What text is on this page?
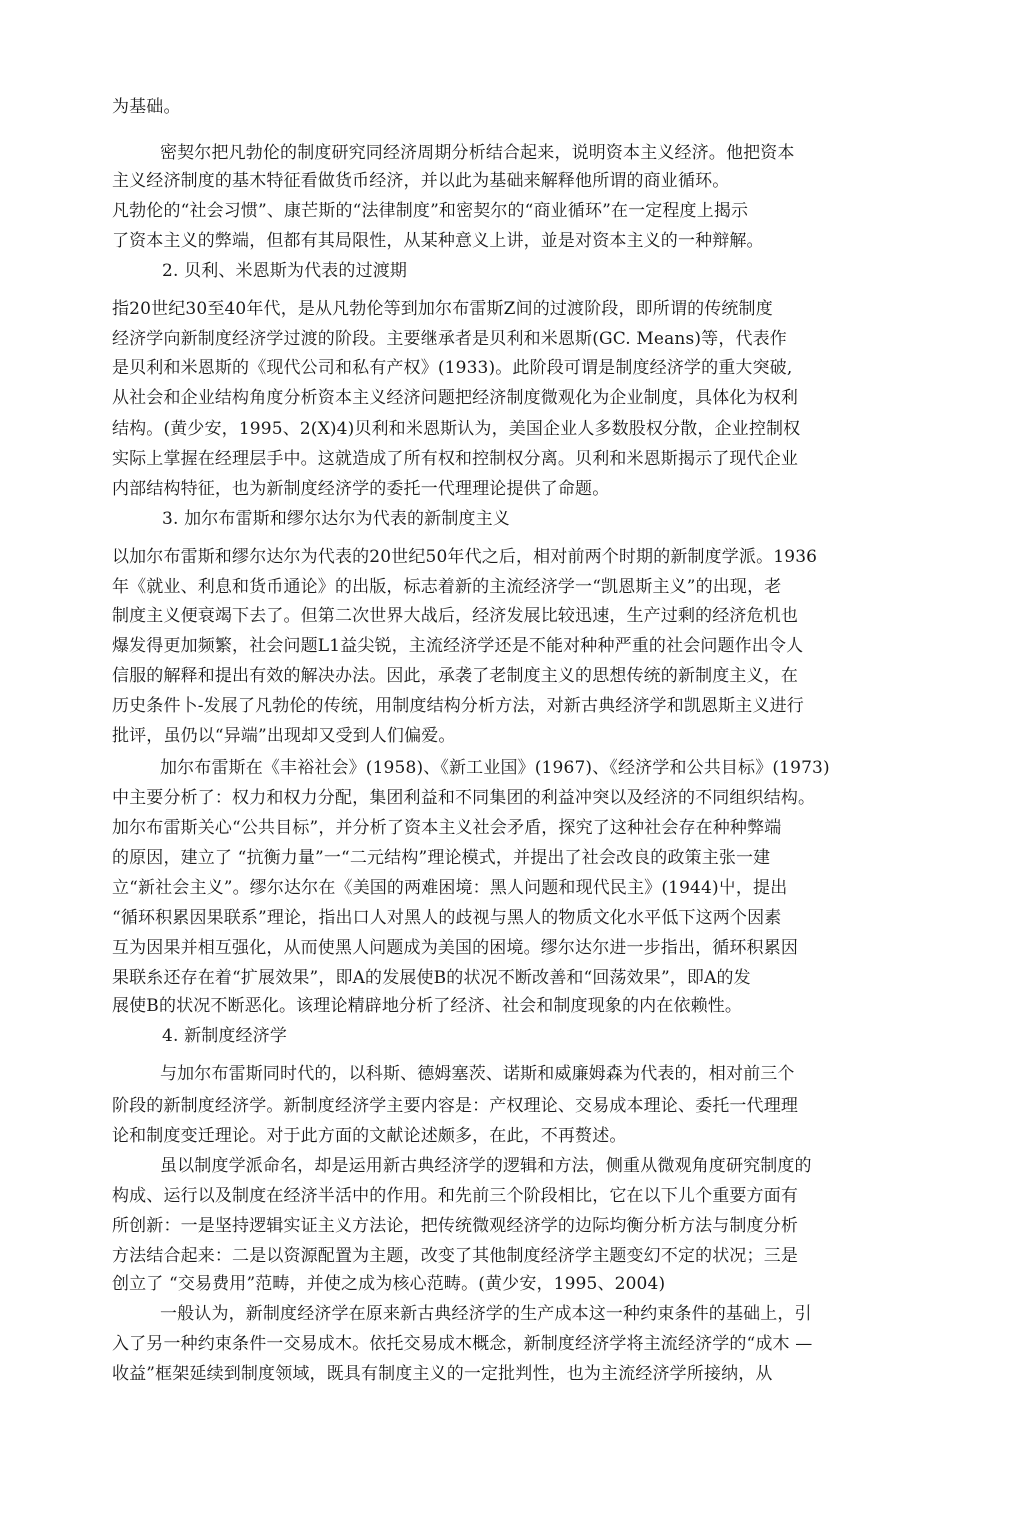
为基础。
密契尔把凡勃伦的制度研究同经济周期分析结合起来，说明资本主义经济。他把资本
主义经济制度的基木特征看做货币经济，并以此为基础来解释他所谓的商业循环。
凡勃伦的“社会习惯”、康芒斯的“法律制度”和密契尔的“商业循环”在一定程度上揭示
了资本主义的弊端，但都有其局限性，从某种意义上讲，並是对资本主义的一种辩解。
2. 贝利、米恩斯为代表的过渡期
指20世纪30至40年代，是从凡勃伦等到加尔布雷斯Z间的过渡阶段，即所谓的传统制度
经济学向新制度经济学过渡的阶段。主要继承者是贝利和米恩斯(GC. Means)等，代表作
是贝利和米恩斯的《现代公司和私有产权》(1933)。此阶段可谓是制度经济学的重大突破,
从社会和企业结构角度分析资本主义经济问题把经济制度微观化为企业制度，具体化为权利
结构。(黄少安，1995、2(X)4)贝利和米恩斯认为，美国企业人多数股权分散，企业控制权
实际上掌握在经理层手中。这就造成了所有权和控制权分离。贝利和米恩斯揭示了现代企业
内部结构特征，也为新制度经济学的委托一代理理论提供了命题。
3. 加尔布雷斯和缪尔达尔为代表的新制度主义
以加尔布雷斯和缪尔达尔为代表的20世纪50年代之后，相对前两个时期的新制度学派。1936
年《就业、利息和货币通论》的出版，标志着新的主流经济学一“凯恩斯主义”的出现，老
制度主义便衰竭下去了。但第二次世界大战后，经济发展比较迅速，生产过剩的经济危机也
爆发得更加频繁，社会问题L1益尖锐，主流经济学还是不能对种种严重的社会问题作出令人
信服的解释和提出有效的解决办法。因此，承袭了老制度主义的思想传统的新制度主义，在
历史条件卜-发展了凡勃伦的传统，用制度结构分析方法，对新古典经济学和凯恩斯主义进行
批评，虽仍以“异端”出现却又受到人们偏爱。
加尔布雷斯在《丰裕社会》(1958)、《新工业国》(1967)、《经济学和公共目标》(1973)
中主要分析了：权力和权力分配，集团利益和不同集团的利益冲突以及经济的不同组织结构。
加尔布雷斯关心“公共目标”，并分析了资本主义社会矛盾，探究了这种社会存在种种弊端
的原因，建立了 “抗衡力量”一“二元结构”理论模式，并提出了社会改良的政策主张一建
立“新社会主义”。缪尔达尔在《美国的两难困境：黑人问题和现代民主》(1944)屮，提出
“循环积累因果联系”理论，指出口人对黑人的歧视与黑人的物质文化水平低下这两个因素
互为因果并相互强化，从而使黑人问题成为美国的困境。缪尔达尔进一步指出，循环积累因
果联糸还存在着“扩展效果”，即A的发展使B的状况不断改善和“回荡效果”，即A的发
展使B的状况不断恶化。该理论精辟地分析了经济、社会和制度现象的内在依赖性。
4. 新制度经济学
与加尔布雷斯同时代的，以科斯、德姆塞茨、诺斯和威廉姆森为代表的，相对前三个
阶段的新制度经济学。新制度经济学主要内容是：产权理论、交易成本理论、委托一代理理
论和制度变迁理论。对于此方面的文献论述颇多，在此，不再赘述。
虽以制度学派命名，却是运用新古典经济学的逻辑和方法，侧重从微观角度研究制度的
构成、运行以及制度在经济半活中的作用。和先前三个阶段相比，它在以下儿个重要方面有
所创新：一是坚持逻辑实证主义方法论，把传统微观经济学的边际均衡分析方法与制度分析
方法结合起来：二是以资源配置为主题，改变了其他制度经济学主题变幻不定的状况；三是
创立了 “交易费用”范畴，并使之成为核心范畴。(黄少安，1995、2004)
一般认为，新制度经济学在原来新古典经济学的生产成本这一种约束条件的基础上，引
入了另一种约束条件一交易成木。依托交易成木概念，新制度经济学将主流经济学的“成木 —
收益”框架延续到制度领域，既具有制度主义的一定批判性，也为主流经济学所接纳，从
